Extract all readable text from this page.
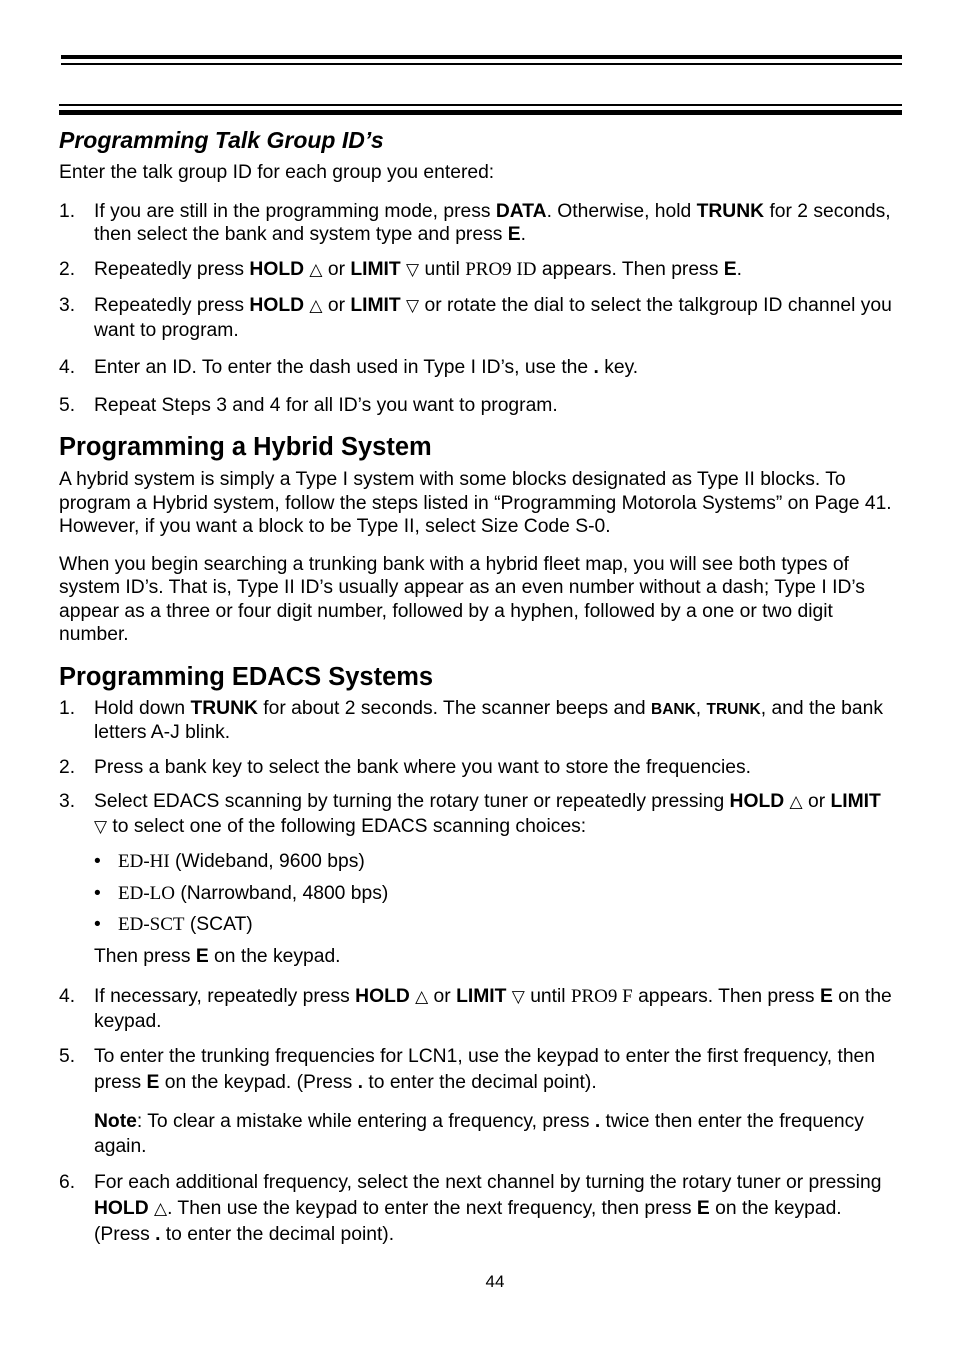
Programming Talk Group ID’s

Enter the talk group ID for each group you entered:

1. If you are still in the programming mode, press DATA. Otherwise, hold TRUNK for 2 seconds, then select the bank and system type and press E.
2. Repeatedly press HOLD △ or LIMIT ▽ until PRO9 ID appears. Then press E.
3. Repeatedly press HOLD △ or LIMIT ▽ or rotate the dial to select the talkgroup ID channel you want to program.
4. Enter an ID. To enter the dash used in Type I ID’s, use the . key.
5. Repeat Steps 3 and 4 for all ID’s you want to program.
Programming a Hybrid System

A hybrid system is simply a Type I system with some blocks designated as Type II blocks. To program a Hybrid system, follow the steps listed in “Programming Motorola Systems” on Page 41. However, if you want a block to be Type II, select Size Code S-0.

When you begin searching a trunking bank with a hybrid fleet map, you will see both types of system ID’s. That is, Type II ID’s usually appear as an even number without a dash; Type I ID’s appear as a three or four digit number, followed by a hyphen, followed by a one or two digit number.

Programming EDACS Systems
1. Hold down TRUNK for about 2 seconds. The scanner beeps and BANK, TRUNK, and the bank letters A-J blink.
2. Press a bank key to select the bank where you want to store the frequencies.
3. Select EDACS scanning by turning the rotary tuner or repeatedly pressing HOLD △ or LIMIT ▽ to select one of the following EDACS scanning choices:
• ED-HI (Wideband, 9600 bps)
• ED-LO (Narrowband, 4800 bps)
• ED-SCT (SCAT)

Then press E on the keypad.

4. If necessary, repeatedly press HOLD △ or LIMIT ▽ until PRO9 F appears. Then press E on the keypad.
5. To enter the trunking frequencies for LCN1, use the keypad to enter the first frequency, then press E on the keypad. (Press . to enter the decimal point).

Note: To clear a mistake while entering a frequency, press . twice then enter the frequency again.

6. For each additional frequency, select the next channel by turning the rotary tuner or pressing HOLD △. Then use the keypad to enter the next frequency, then press E on the keypad. (Press . to enter the decimal point).
44
